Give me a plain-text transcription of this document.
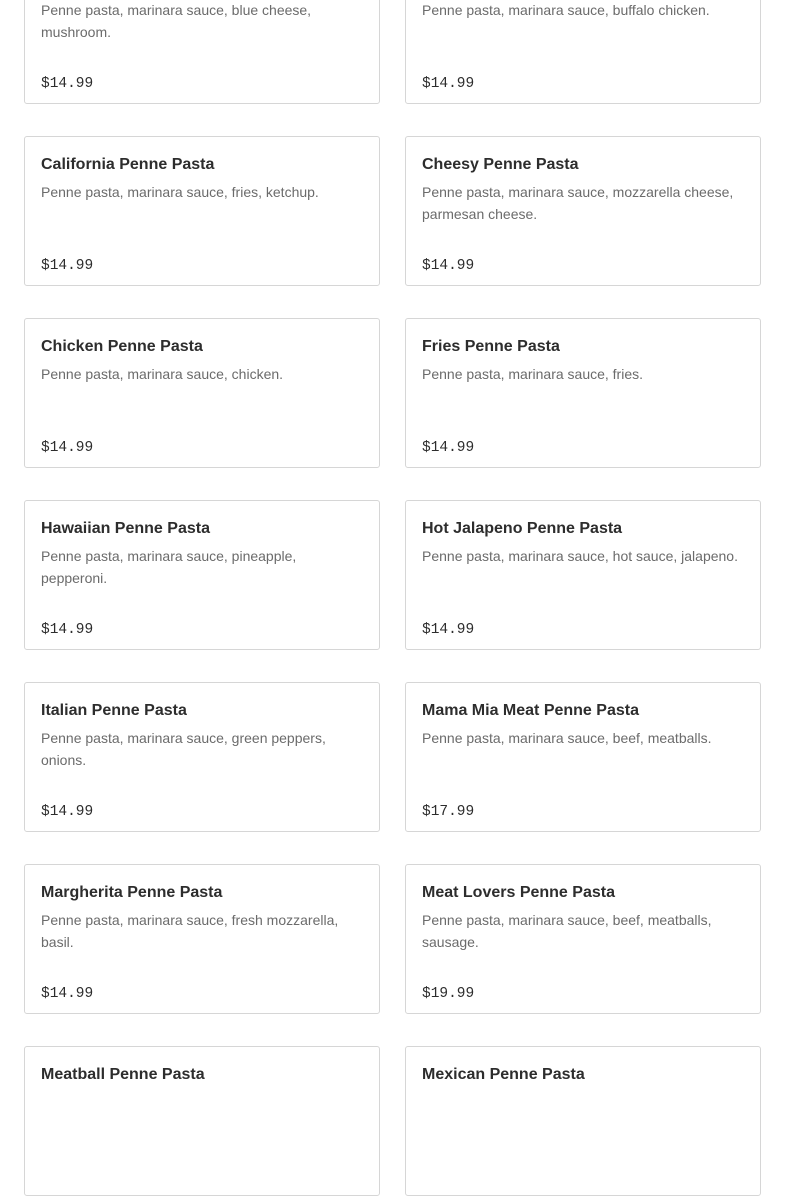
Penne pasta, marinara sauce, blue cheese, mushroom.
$14.99
Penne pasta, marinara sauce, buffalo chicken.
$14.99
California Penne Pasta
Penne pasta, marinara sauce, fries, ketchup.
$14.99
Cheesy Penne Pasta
Penne pasta, marinara sauce, mozzarella cheese, parmesan cheese.
$14.99
Chicken Penne Pasta
Penne pasta, marinara sauce, chicken.
$14.99
Fries Penne Pasta
Penne pasta, marinara sauce, fries.
$14.99
Hawaiian Penne Pasta
Penne pasta, marinara sauce, pineapple, pepperoni.
$14.99
Hot Jalapeno Penne Pasta
Penne pasta, marinara sauce, hot sauce, jalapeno.
$14.99
Italian Penne Pasta
Penne pasta, marinara sauce, green peppers, onions.
$14.99
Mama Mia Meat Penne Pasta
Penne pasta, marinara sauce, beef, meatballs.
$17.99
Margherita Penne Pasta
Penne pasta, marinara sauce, fresh mozzarella, basil.
$14.99
Meat Lovers Penne Pasta
Penne pasta, marinara sauce, beef, meatballs, sausage.
$19.99
Meatball Penne Pasta	Mexican Penne Pasta
